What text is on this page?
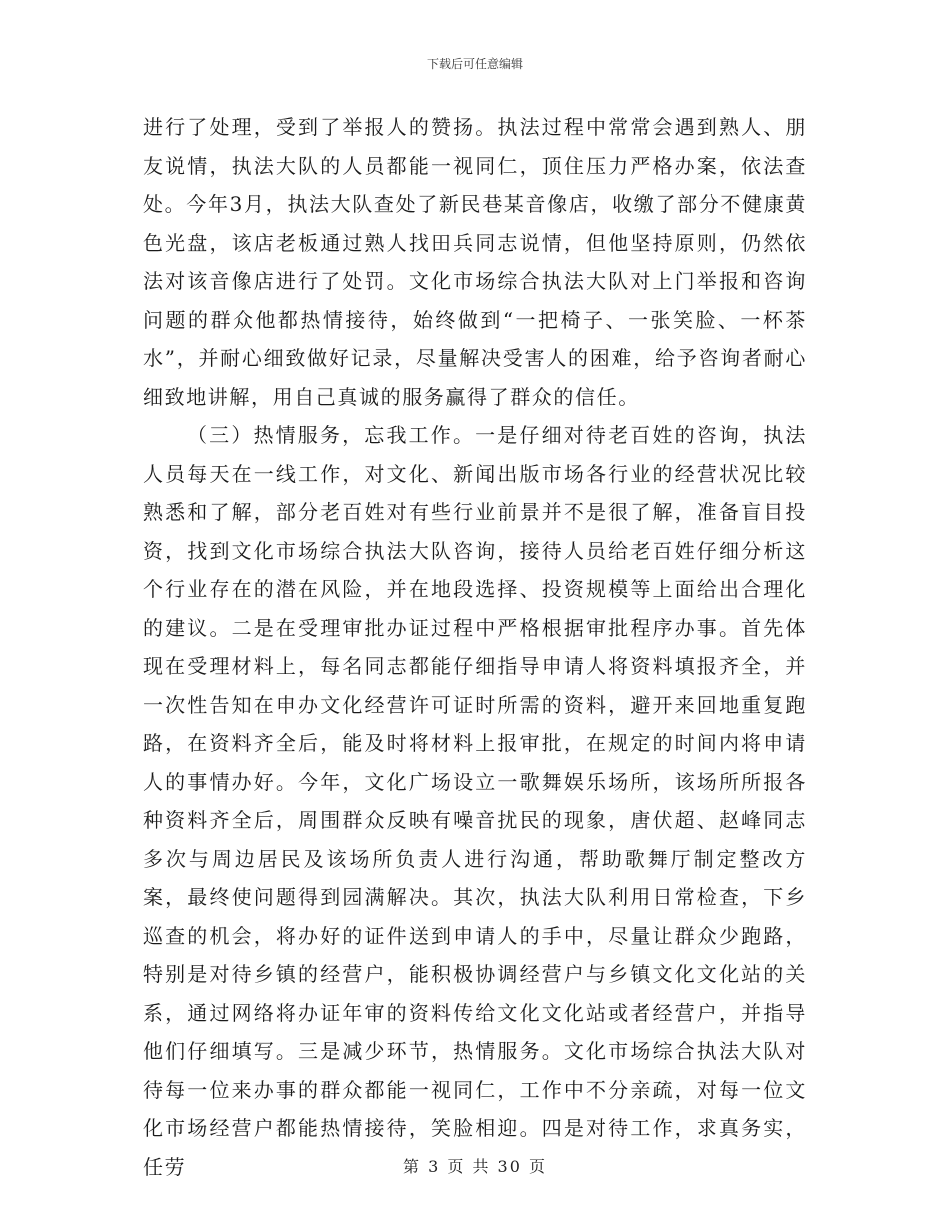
下载后可任意编辑

进行了处理，受到了举报人的赞扬。执法过程中常常会遇到熟人、朋友说情，执法大队的人员都能一视同仁，顶住压力严格办案，依法查处。今年3月，执法大队查处了新民巷某音像店，收缴了部分不健康黄色光盘，该店老板通过熟人找田兵同志说情，但他坚持原则，仍然依法对该音像店进行了处罚。文化市场综合执法大队对上门举报和咨询问题的群众他都热情接待，始终做到“一把椅子、一张笑脸、一杯茶水”，并耐心细致做好记录，尽量解决受害人的困难，给予咨询者耐心细致地讲解，用自己真诚的服务赢得了群众的信任。

（三）热情服务，忘我工作。一是仔细对待老百姓的咨询，执法人员每天在一线工作，对文化、新闻出版市场各行业的经营状况比较熟悉和了解，部分老百姓对有些行业前景并不是很了解，准备盲目投资，找到文化市场综合执法大队咨询，接待人员给老百姓仔细分析这个行业存在的潜在风险，并在地段选择、投资规模等上面给出合理化的建议。二是在受理审批办证过程中严格根据审批程序办事。首先体现在受理材料上，每名同志都能仔细指导申请人将资料填报齐全，并一次性告知在申办文化经营许可证时所需的资料，避开来回地重复跑路，在资料齐全后，能及时将材料上报审批，在规定的时间内将申请人的事情办好。今年，文化广场设立一歌舞娱乐场所，该场所所报各种资料齐全后，周围群众反映有噪音扰民的现象，唐伏超、赵峰同志多次与周边居民及该场所负责人进行沟通，帮助歌舞厅制定整改方案，最终使问题得到园满解决。其次，执法大队利用日常检查，下乡巡查的机会，将办好的证件送到申请人的手中，尽量让群众少跑路，特别是对待乡镇的经营户，能积极协调经营户与乡镇文化文化站的关系，通过网络将办证年审的资料传给文化文化站或者经营户，并指导他们仔细填写。三是减少环节，热情服务。文化市场综合执法大队对待每一位来办事的群众都能一视同仁，工作中不分亲疏，对每一位文化市场经营户都能热情接待，笑脸相迎。四是对待工作，求真务实，任劳	第 3 页 共 30 页
